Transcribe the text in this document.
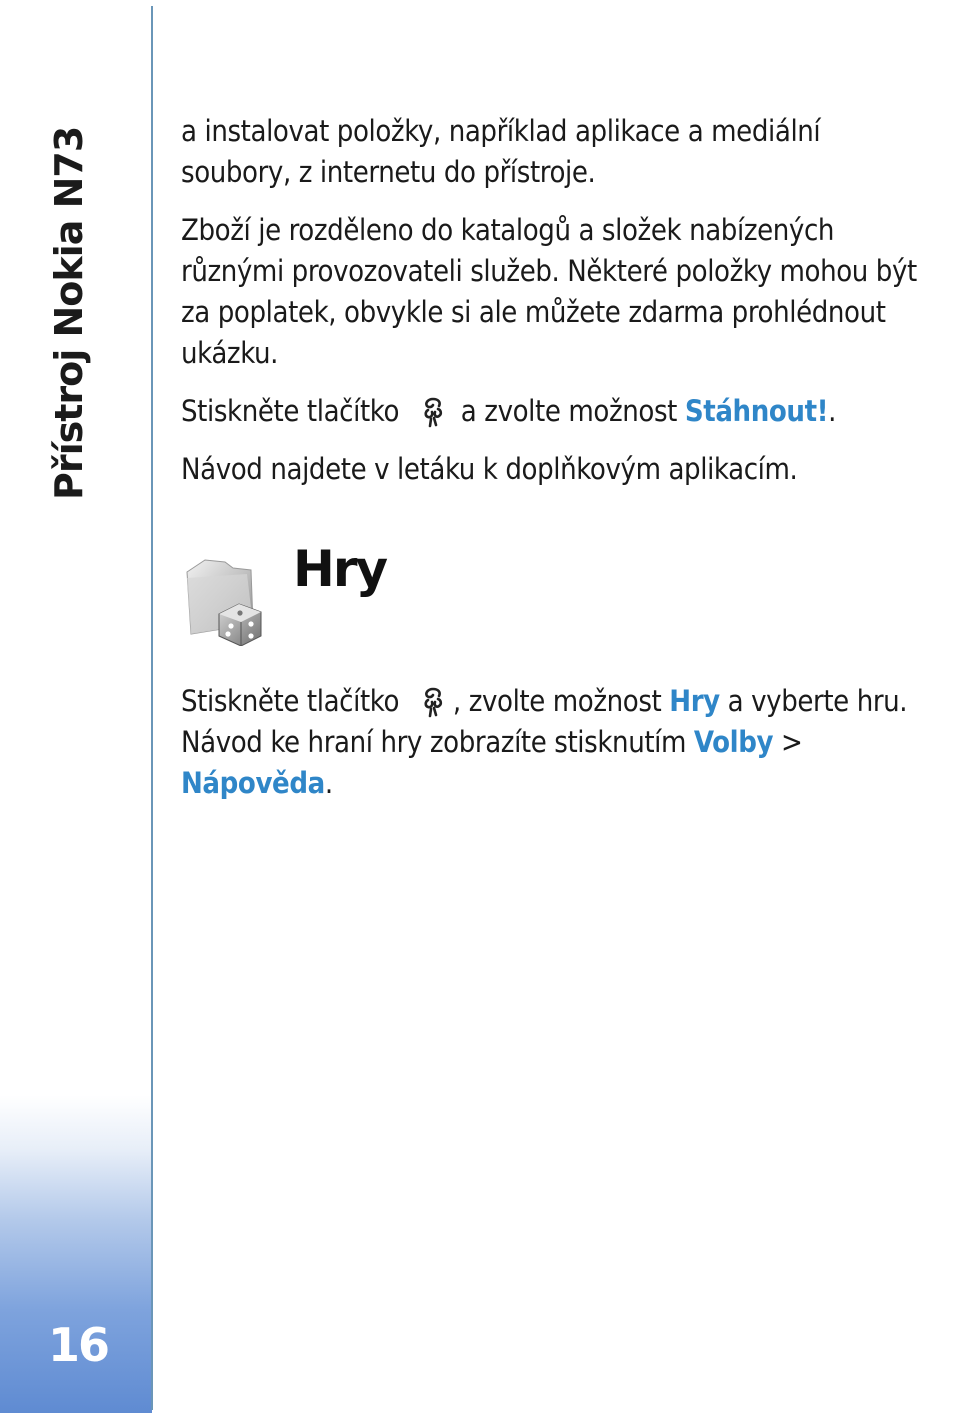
Přístroj Nokia N73
16
a instalovat položky, například aplikace a mediální
soubory, z internetu do přístroje.
Zboží je rozděleno do katalogů a složek nabízených
různými provozovateli služeb. Některé položky mohou být
za poplatek, obvykle si ale můžete zdarma prohlédnout
ukázku.
Stiskněte tlačítko  a zvolte možnost Stáhnout!.
Návod najdete v letáku k doplňkovým aplikacím.
Hry
Stiskněte tlačítko , zvolte možnost Hry a vyberte hru.
Návod ke hraní hry zobrazíte stisknutím Volby >
Nápověda.
